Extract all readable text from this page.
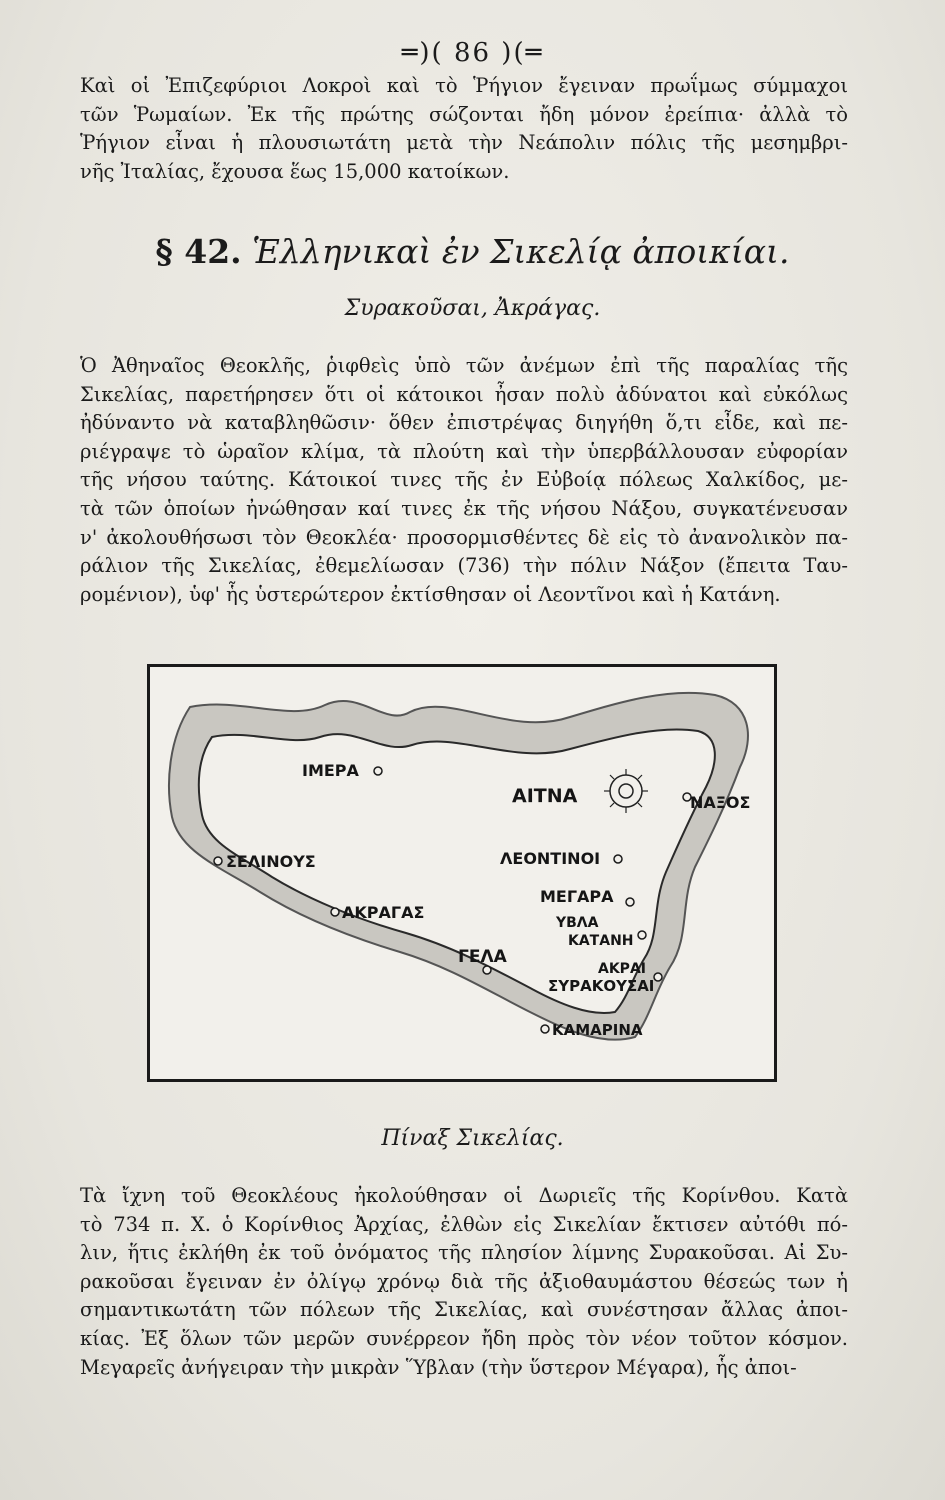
═)( 86 )(═
Καὶ οἱ Ἐπιζεφύριοι Λοκροὶ καὶ τὸ Ῥήγιον ἔγειναν πρωΐμως σύμμαχοι
τῶν Ῥωμαίων. Ἐκ τῆς πρώτης σώζονται ἤδη μόνον ἐρείπια· ἀλλὰ τὸ
Ῥήγιον εἶναι ἡ πλουσιωτάτη μετὰ τὴν Νεάπολιν πόλις τῆς μεσημβρι-
νῆς Ἰταλίας, ἔχουσα ἕως 15,000 κατοίκων.
§ 42. Ἑλληνικαὶ ἐν Σικελίᾳ ἀποικίαι.
Συρακοῦσαι, Ἀκράγας.
Ὁ Ἀθηναῖος Θεοκλῆς, ῥιφθεὶς ὑπὸ τῶν ἀνέμων ἐπὶ τῆς παραλίας τῆς
Σικελίας, παρετήρησεν ὅτι οἱ κάτοικοι ἦσαν πολὺ ἀδύνατοι καὶ εὐκόλως
ἠδύναντο νὰ καταβληθῶσιν· ὅθεν ἐπιστρέψας διηγήθη ὅ,τι εἶδε, καὶ πε-
ριέγραψε τὸ ὡραῖον κλίμα, τὰ πλούτη καὶ τὴν ὑπερβάλλουσαν εὐφορίαν
τῆς νήσου ταύτης. Κάτοικοί τινες τῆς ἐν Εὐβοίᾳ πόλεως Χαλκίδος, με-
τὰ τῶν ὁποίων ἠνώθησαν καί τινες ἐκ τῆς νήσου Νάξου, συγκατένευσαν
ν' ἀκολουθήσωσι τὸν Θεοκλέα· προσορμισθέντες δὲ εἰς τὸ ἀνανολικὸν πα-
ράλιον τῆς Σικελίας, ἐθεμελίωσαν (736) τὴν πόλιν Νάξον (ἔπειτα Ταυ-
ρομένιον), ὑφ' ἧς ὑστερώτερον ἐκτίσθησαν οἱ Λεοντῖνοι καὶ ἡ Κατάνη.
ΙΜΕΡΑ
ΑΙΤΝΑ	ΝΑΞΟΣ
ΣΕΛΙΝΟΥΣ	ΛΕΟΝΤΙΝΟΙ
ΜΕΓΑΡΑ
ΑΚΡΑΓΑΣ
ΥΒΛΑ
ΚΑΤΑΝΗ
ΓΕΛΑ
ΑΚΡΑΙ
ΣΥΡΑΚΟΥΣΑΙ
ΚΑΜΑΡΙΝΑ
Πίναξ Σικελίας.
Τὰ ἴχνη τοῦ Θεοκλέους ἠκολούθησαν οἱ Δωριεῖς τῆς Κορίνθου. Κατὰ
τὸ 734 π. Χ. ὁ Κορίνθιος Ἀρχίας, ἐλθὼν εἰς Σικελίαν ἔκτισεν αὐτόθι πό-
λιν, ἥτις ἐκλήθη ἐκ τοῦ ὀνόματος τῆς πλησίον λίμνης Συρακοῦσαι. Αἱ Συ-
ρακοῦσαι ἔγειναν ἐν ὀλίγῳ χρόνῳ διὰ τῆς ἀξιοθαυμάστου θέσεώς των ἡ
σημαντικωτάτη τῶν πόλεων τῆς Σικελίας, καὶ συνέστησαν ἄλλας ἀποι-
κίας. Ἐξ ὅλων τῶν μερῶν συνέρρεον ἤδη πρὸς τὸν νέον τοῦτον κόσμον.
Μεγαρεῖς ἀνήγειραν τὴν μικρὰν Ὕβλαν (τὴν ὕστερον Μέγαρα), ἧς ἀποι-
